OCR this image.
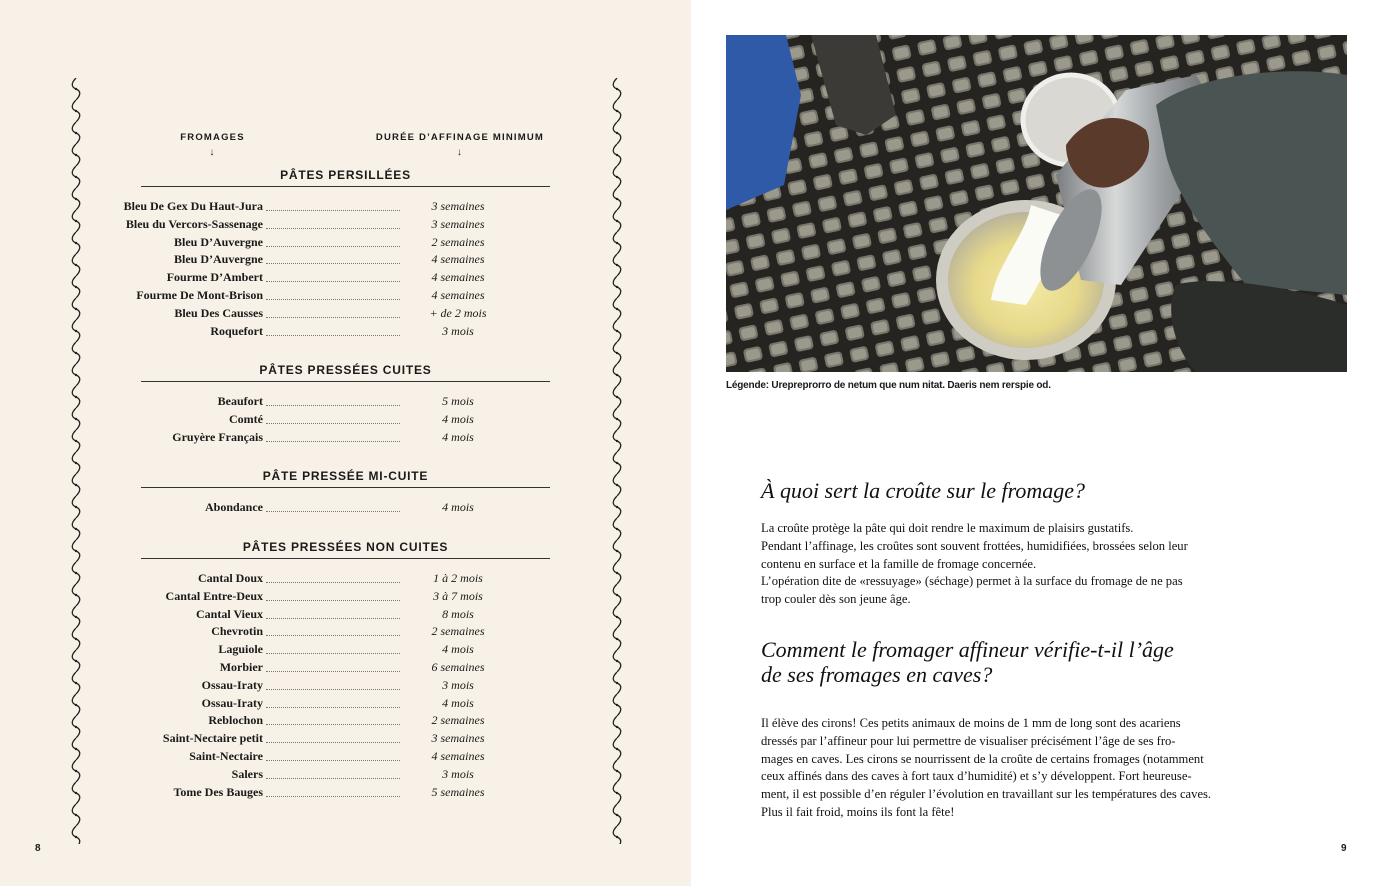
FROMAGES
↓
DURÉE D’AFFINAGE MINIMUM
↓
PÂTES PERSILLÉES
Bleu De Gex Du Haut-Jura	3 semaines
Bleu du Vercors-Sassenage	3 semaines
Bleu D’Auvergne	2 semaines
Bleu D’Auvergne	4 semaines
Fourme D’Ambert	4 semaines
Fourme De Mont-Brison	4 semaines
Bleu Des Causses	+ de 2 mois
Roquefort	3 mois
PÂTES PRESSÉES CUITES
Beaufort	5 mois
Comté	4 mois
Gruyère Français	4 mois
PÂTE PRESSÉE MI-CUITE
Abondance	4 mois
PÂTES PRESSÉES NON CUITES
Cantal Doux	1 à 2 mois
Cantal Entre-Deux	3 à 7 mois
Cantal Vieux	8 mois
Chevrotin	2 semaines
Laguiole	4 mois
Morbier	6 semaines
Ossau-Iraty	3 mois
Ossau-Iraty	4 mois
Reblochon	2 semaines
Saint-Nectaire petit	3 semaines
Saint-Nectaire	4 semaines
Salers	3 mois
Tome Des Bauges	5 semaines
8
Légende: Urepreprorro de netum que num nitat. Daeris nem rerspie od.
À quoi sert la croûte sur le fromage?
La croûte protège la pâte qui doit rendre le maximum de plaisirs gustatifs.
Pendant l’affinage, les croûtes sont souvent frottées, humidifiées, brossées selon leur
contenu en surface et la famille de fromage concernée.
L’opération dite de «ressuyage» (séchage) permet à la surface du fromage de ne pas
trop couler dès son jeune âge.
Comment le fromager affineur vérifie-t-il l’âge
de ses fromages en caves?
Il élève des cirons! Ces petits animaux de moins de 1 mm de long sont des acariens
dressés par l’affineur pour lui permettre de visualiser précisément l’âge de ses fro-
mages en caves. Les cirons se nourrissent de la croûte de certains fromages (notamment
ceux affinés dans des caves à fort taux d’humidité) et s’y développent. Fort heureuse-
ment, il est possible d’en réguler l’évolution en travaillant sur les températures des caves.
Plus il fait froid, moins ils font la fête!
9
